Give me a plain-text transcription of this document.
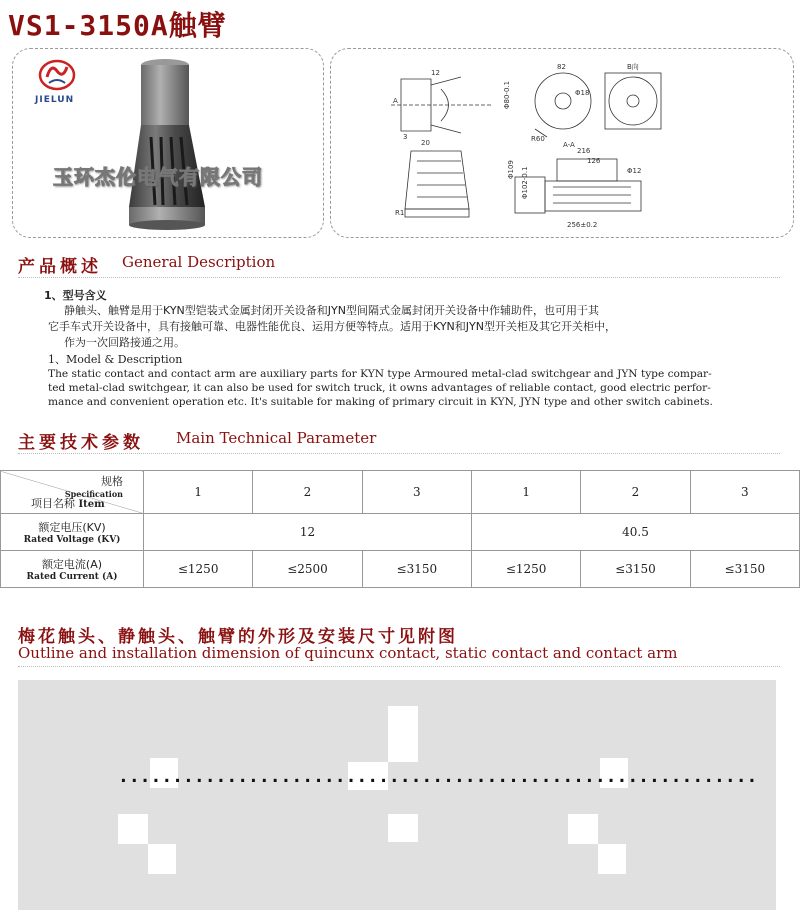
VS1-3150A触臂
JIELUN
玉环杰伦电气有限公司
12
A
3
20
Φ80-0.1
R60
82
Φ18
B向
A-A
216
126
Φ12
Φ109 Φ102-0.1
R1
256±0.2
产品概述 General Description
1、型号含义
静触头、触臂是用于KYN型铠装式金属封闭开关设备和JYN型间隔式金属封闭开关设备中作辅助件，也可用于其
它手车式开关设备中，具有接触可靠、电器性能优良、运用方便等特点。适用于KYN和JYN型开关柜及其它开关柜中，
作为一次回路接通之用。
1、Model & Description
The static contact and contact arm are auxiliary parts for KYN type Armoured metal-clad switchgear and JYN type compar-
ted metal-clad switchgear, it can also be used for switch truck, it owns advantages of reliable contact, good electric perfor-
mance and convenient operation etc. It's suitable for making of primary circuit in KYN, JYN type and other switch cabinets.
主要技术参数 Main Technical Parameter
规格
Specification
项目名称 Item	1	2	3	1	2	3

额定电压(KV)
Rated Voltage (KV)	12			40.5		

额定电流(A)
Rated Current (A)	≤1250	≤2500	≤3150	≤1250	≤3150	≤3150
梅花触头、静触头、触臂的外形及安装尺寸见附图
Outline and installation dimension of quincunx contact, static contact and contact arm
...........................................................
